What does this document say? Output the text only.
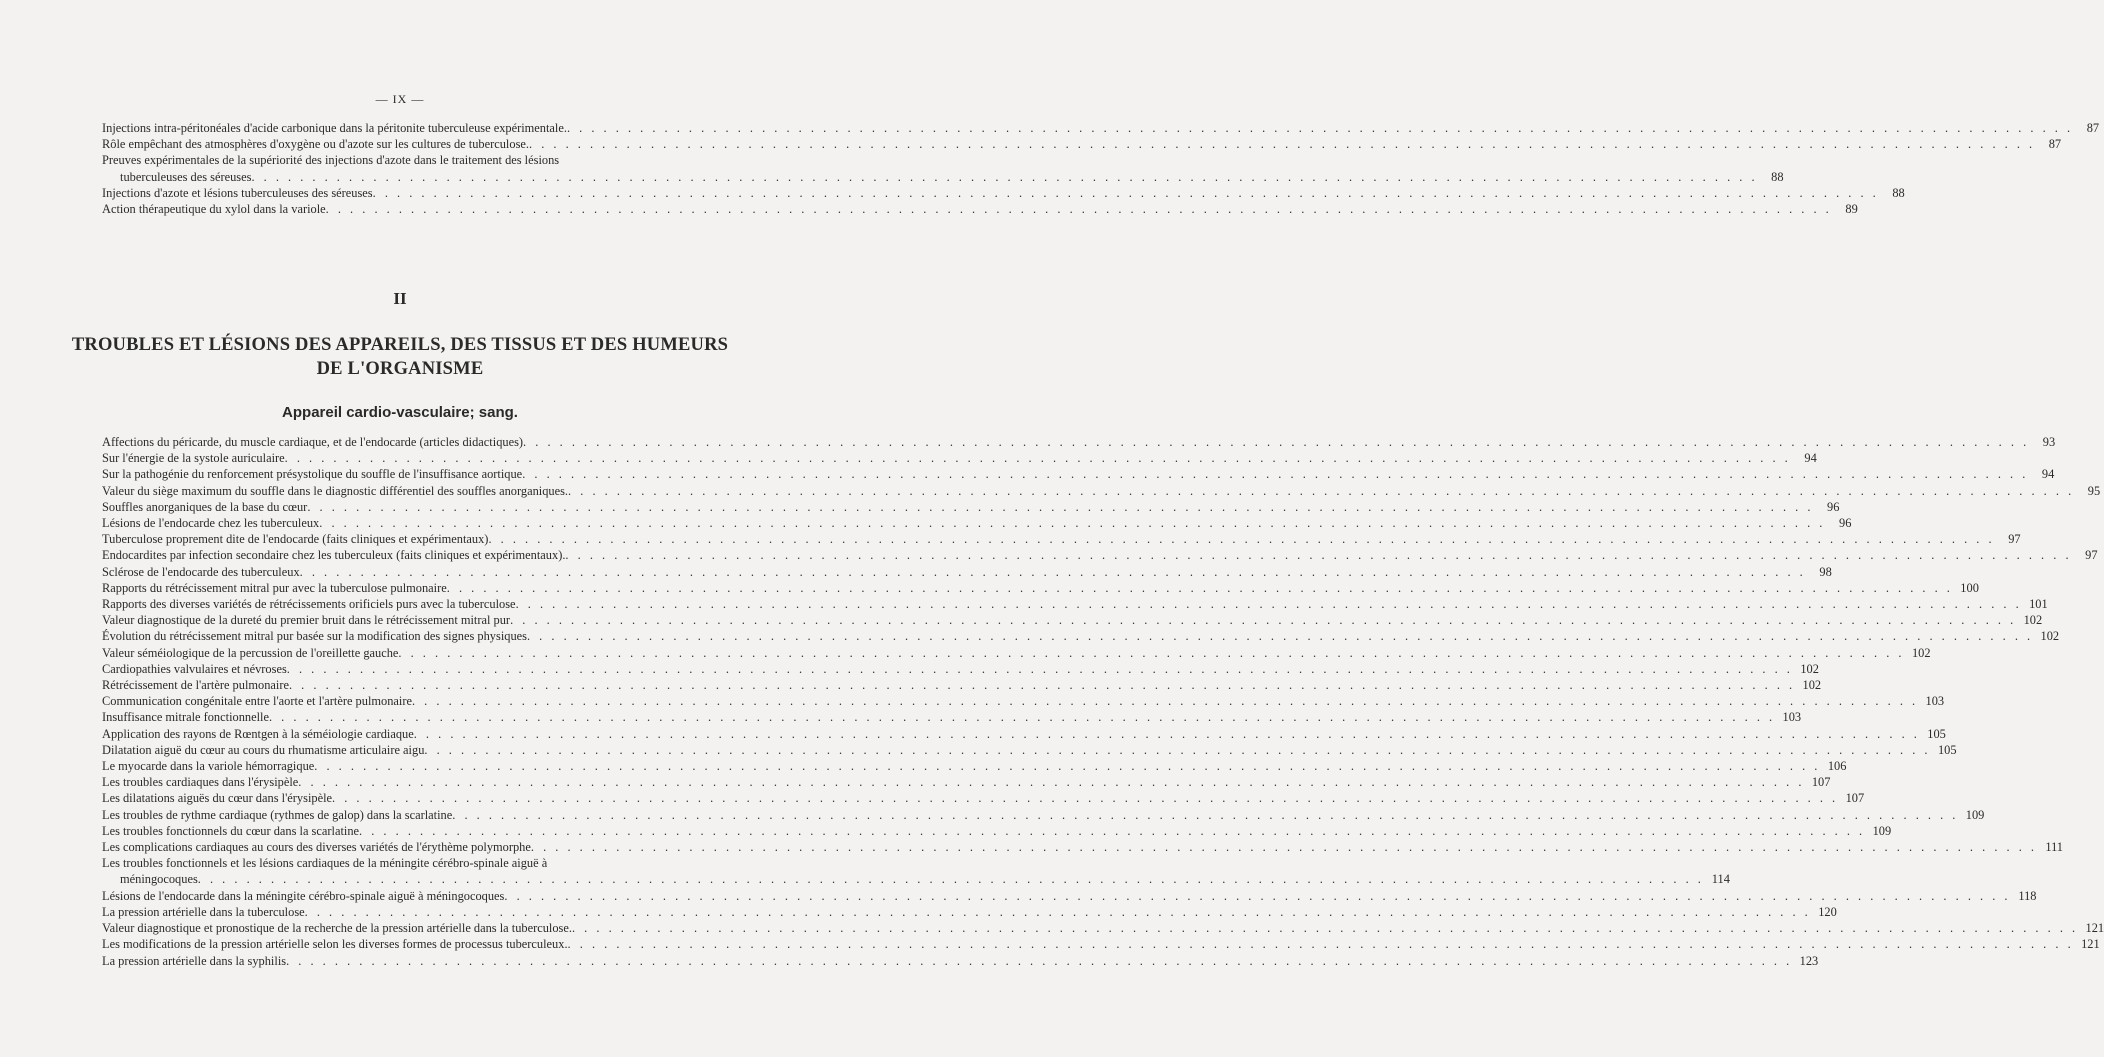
— IX —
Injections intra-péritonéales d'acide carbonique dans la péritonite tuberculeuse expérimentale. . . .	87
Rôle empêchant des atmosphères d'oxygène ou d'azote sur les cultures de tuberculose. . . .	87
Preuves expérimentales de la supériorité des injections d'azote dans le traitement des lésions
tuberculeuses des séreuses . . .	88
Injections d'azote et lésions tuberculeuses des séreuses . . .	88
Action thérapeutique du xylol dans la variole . . .	89
II
TROUBLES ET LÉSIONS DES APPAREILS, DES TISSUS ET DES HUMEURS
DE L'ORGANISME
Appareil cardio-vasculaire; sang.
Affections du péricarde, du muscle cardiaque, et de l'endocarde (articles didactiques) . . .	93
Sur l'énergie de la systole auriculaire . . .	94
Sur la pathogénie du renforcement présystolique du souffle de l'insuffisance aortique . . .	94
Valeur du siège maximum du souffle dans le diagnostic différentiel des souffles anorganiques. . . .	95
Souffles anorganiques de la base du cœur . . .	96
Lésions de l'endocarde chez les tuberculeux . . .	96
Tuberculose proprement dite de l'endocarde (faits cliniques et expérimentaux) . . .	97
Endocardites par infection secondaire chez les tuberculeux (faits cliniques et expérimentaux). . . .	97
Sclérose de l'endocarde des tuberculeux . . .	98
Rapports du rétrécissement mitral pur avec la tuberculose pulmonaire . . .	100
Rapports des diverses variétés de rétrécissements orificiels purs avec la tuberculose . . .	101
Valeur diagnostique de la dureté du premier bruit dans le rétrécissement mitral pur . . .	102
Évolution du rétrécissement mitral pur basée sur la modification des signes physiques . . .	102
Valeur séméiologique de la percussion de l'oreillette gauche . . .	102
Cardiopathies valvulaires et névroses . . .	102
Rétrécissement de l'artère pulmonaire . . .	102
Communication congénitale entre l'aorte et l'artère pulmonaire . . .	103
Insuffisance mitrale fonctionnelle . . .	103
Application des rayons de Rœntgen à la séméiologie cardiaque . . .	105
Dilatation aiguë du cœur au cours du rhumatisme articulaire aigu . . .	105
Le myocarde dans la variole hémorragique . . .	106
Les troubles cardiaques dans l'érysipèle . . .	107
Les dilatations aiguës du cœur dans l'érysipèle . . .	107
Les troubles de rythme cardiaque (rythmes de galop) dans la scarlatine . . .	109
Les troubles fonctionnels du cœur dans la scarlatine . . .	109
Les complications cardiaques au cours des diverses variétés de l'érythème polymorphe . . .	111
Les troubles fonctionnels et les lésions cardiaques de la méningite cérébro-spinale aiguë à
méningocoques . . .	114
Lésions de l'endocarde dans la méningite cérébro-spinale aiguë à méningocoques . . .	118
La pression artérielle dans la tuberculose . . .	120
Valeur diagnostique et pronostique de la recherche de la pression artérielle dans la tuberculose. . . .	121
Les modifications de la pression artérielle selon les diverses formes de processus tuberculeux. . . .	121
La pression artérielle dans la syphilis . . .	123
